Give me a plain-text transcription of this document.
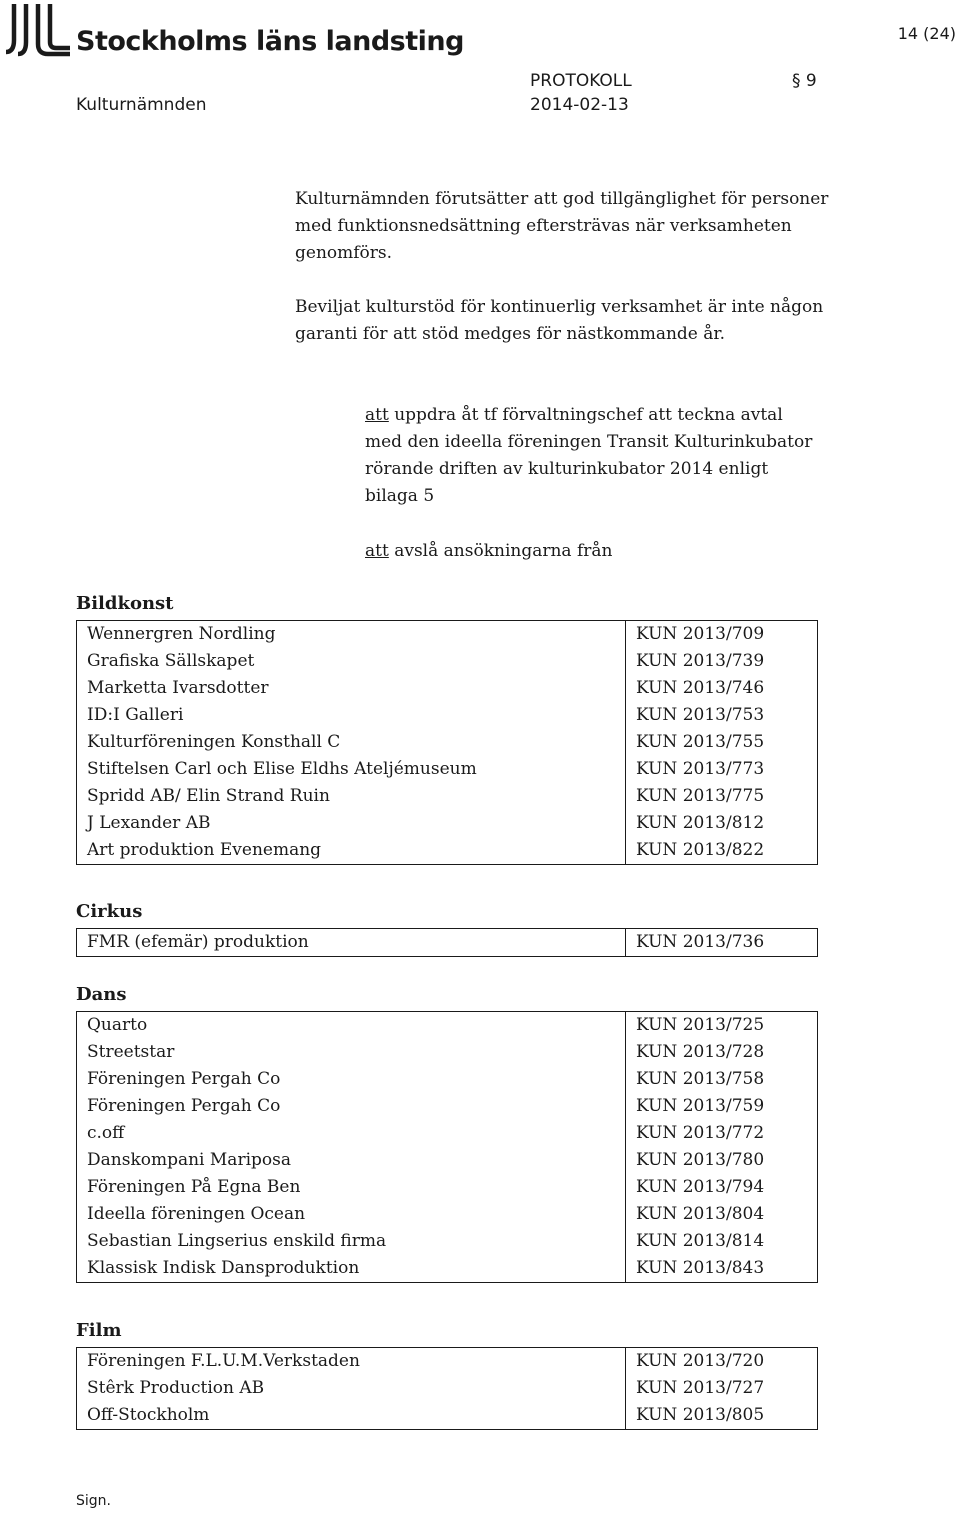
Stockholms läns landsting	14 (24)
PROTOKOLL	§ 9
Kulturnämnden	2014-02-13

Kulturnämnden förutsätter att god tillgänglighet för personer med funktionsnedsättning eftersträvas när verksamheten genomförs.

Beviljat kulturstöd för kontinuerlig verksamhet är inte någon garanti för att stöd medges för nästkommande år.

att uppdra åt tf förvaltningschef att teckna avtal med den ideella föreningen Transit Kulturinkubator rörande driften av kulturinkubator 2014 enligt bilaga 5

att avslå ansökningarna från

Bildkonst
Wennergren Nordling	KUN 2013/709
Grafiska Sällskapet	KUN 2013/739
Marketta Ivarsdotter	KUN 2013/746
ID:I Galleri	KUN 2013/753
Kulturföreningen Konsthall C	KUN 2013/755
Stiftelsen Carl och Elise Eldhs Ateljémuseum	KUN 2013/773
Spridd AB/ Elin Strand Ruin	KUN 2013/775
J Lexander AB	KUN 2013/812
Art produktion Evenemang	KUN 2013/822
Cirkus
FMR (efemär) produktion	KUN 2013/736
Dans
Quarto	KUN 2013/725
Streetstar	KUN 2013/728
Föreningen Pergah Co	KUN 2013/758
Föreningen Pergah Co	KUN 2013/759
c.off	KUN 2013/772
Danskompani Mariposa	KUN 2013/780
Föreningen På Egna Ben	KUN 2013/794
Ideella föreningen Ocean	KUN 2013/804
Sebastian Lingserius enskild firma	KUN 2013/814
Klassisk Indisk Dansproduktion	KUN 2013/843
Film
Föreningen F.L.U.M.Verkstaden	KUN 2013/720
Stêrk Production AB	KUN 2013/727
Off-Stockholm	KUN 2013/805
Sign.
